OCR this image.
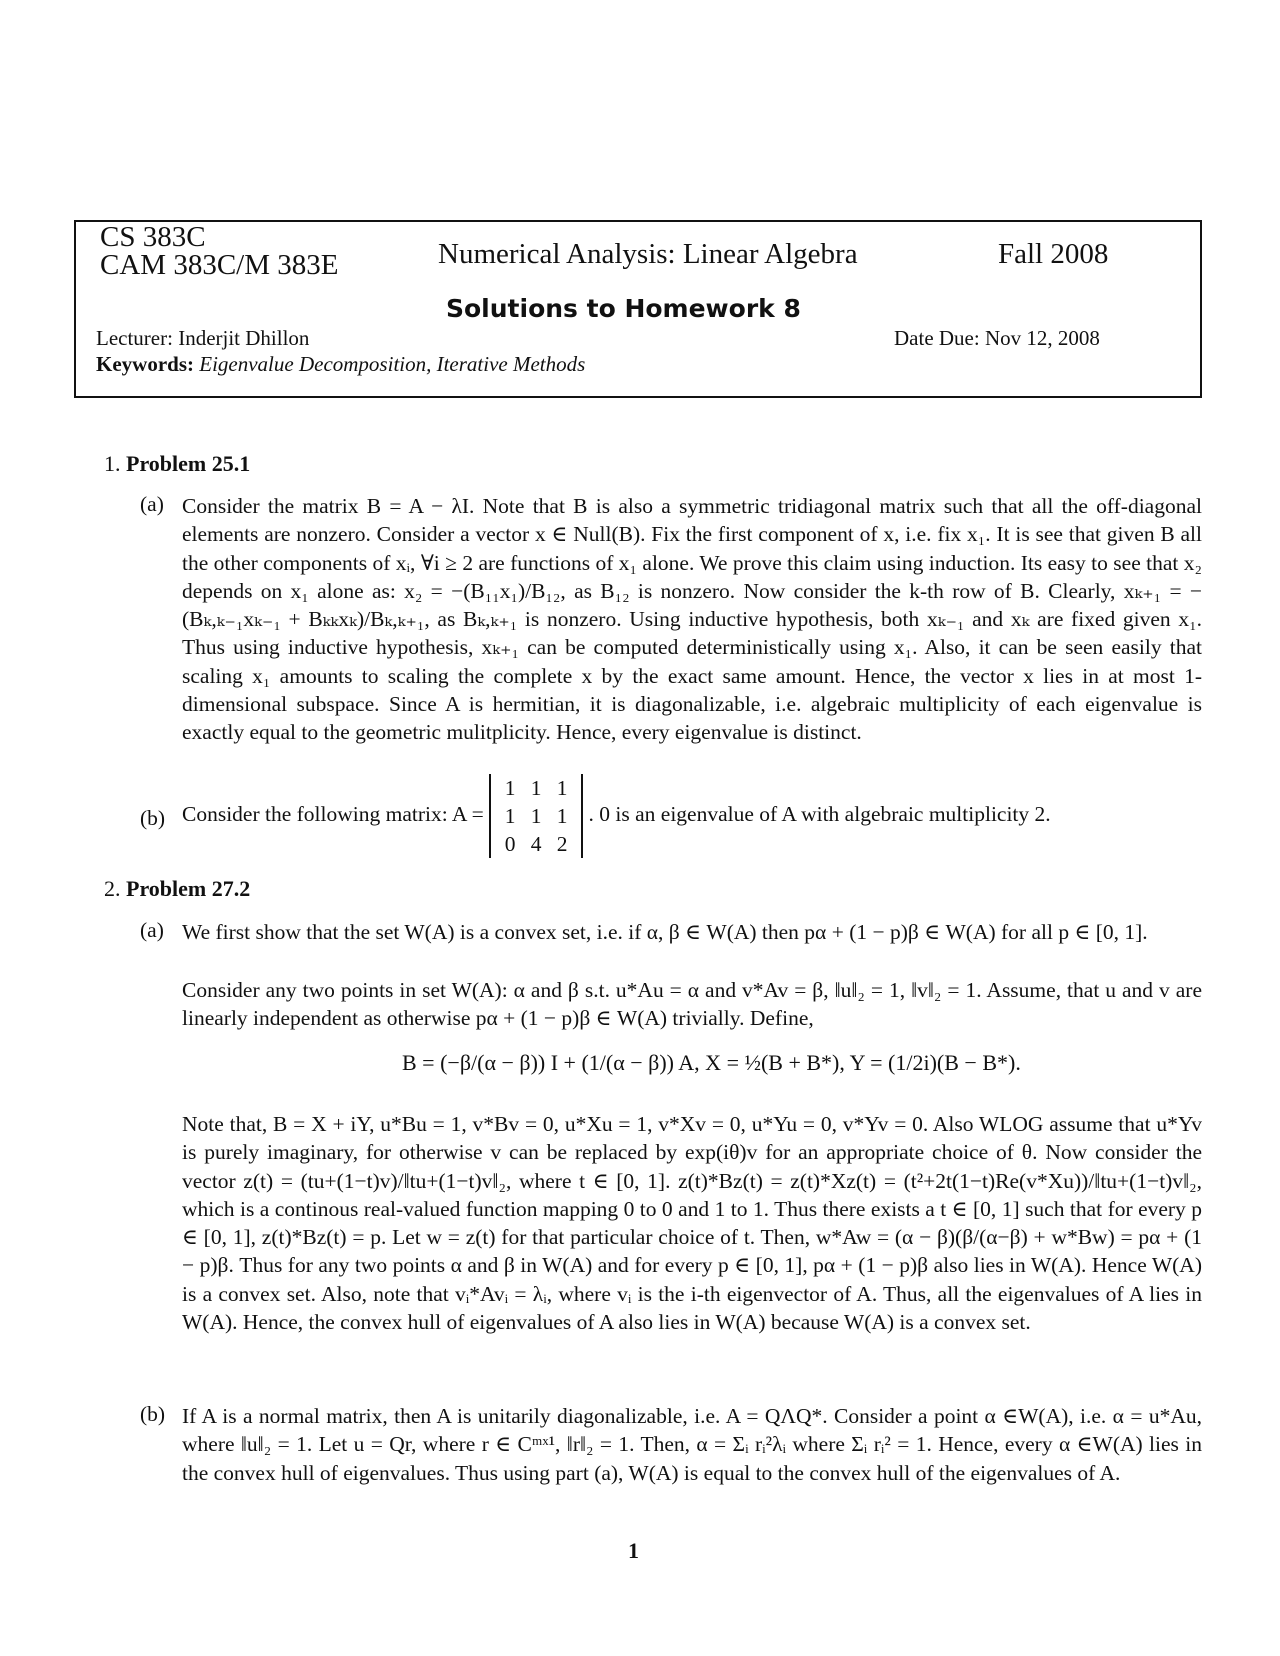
CS 383C
CAM 383C/M 383E	Numerical Analysis: Linear Algebra	Fall 2008
Solutions to Homework 8
Lecturer: Inderjit Dhillon	Date Due: Nov 12, 2008
Keywords: Eigenvalue Decomposition, Iterative Methods
1. Problem 25.1
(a) Consider the matrix B = A − λI. Note that B is also a symmetric tridiagonal matrix such that all the off-diagonal elements are nonzero. Consider a vector x ∈ Null(B). Fix the first component of x, i.e. fix x₁. It is see that given B all the other components of xᵢ, ∀i ≥ 2 are functions of x₁ alone. We prove this claim using induction. Its easy to see that x₂ depends on x₁ alone as: x₂ = −(B₁₁x₁)/B₁₂, as B₁₂ is nonzero. Now consider the k-th row of B. Clearly, xₖ₊₁ = −(Bₖ,ₖ₋₁xₖ₋₁ + Bₖₖxₖ)/Bₖ,ₖ₊₁, as Bₖ,ₖ₊₁ is nonzero. Using inductive hypothesis, both xₖ₋₁ and xₖ are fixed given x₁. Thus using inductive hypothesis, xₖ₊₁ can be computed deterministically using x₁. Also, it can be seen easily that scaling x₁ amounts to scaling the complete x by the exact same amount. Hence, the vector x lies in at most 1-dimensional subspace. Since A is hermitian, it is diagonalizable, i.e. algebraic multiplicity of each eigenvalue is exactly equal to the geometric mulitplicity. Hence, every eigenvalue is distinct.
(b) Consider the following matrix: A = 1 1 1
1 1 1
0 4 2 . 0 is an eigenvalue of A with algebraic multiplicity 2.
2. Problem 27.2
(a) We first show that the set W(A) is a convex set, i.e. if α, β ∈ W(A) then pα + (1 − p)β ∈ W(A) for all p ∈ [0, 1].
Consider any two points in set W(A): α and β s.t. u*Au = α and v*Av = β, ‖u‖₂ = 1, ‖v‖₂ = 1. Assume, that u and v are linearly independent as otherwise pα + (1 − p)β ∈ W(A) trivially. Define,
B = (−β/(α − β)) I + (1/(α − β)) A, X = ½(B + B*), Y = (1/2i)(B − B*).
Note that, B = X + iY, u*Bu = 1, v*Bv = 0, u*Xu = 1, v*Xv = 0, u*Yu = 0, v*Yv = 0. Also WLOG assume that u*Yv is purely imaginary, for otherwise v can be replaced by exp(iθ)v for an appropriate choice of θ. Now consider the vector z(t) = (tu+(1−t)v)/‖tu+(1−t)v‖₂, where t ∈ [0, 1]. z(t)*Bz(t) = z(t)*Xz(t) = (t²+2t(1−t)Re(v*Xu))/‖tu+(1−t)v‖₂, which is a continous real-valued function mapping 0 to 0 and 1 to 1. Thus there exists a t ∈ [0, 1] such that for every p ∈ [0, 1], z(t)*Bz(t) = p. Let w = z(t) for that particular choice of t. Then, w*Aw = (α − β)(β/(α−β) + w*Bw) = pα + (1 − p)β. Thus for any two points α and β in W(A) and for every p ∈ [0, 1], pα + (1 − p)β also lies in W(A). Hence W(A) is a convex set. Also, note that vᵢ*Avᵢ = λᵢ, where vᵢ is the i-th eigenvector of A. Thus, all the eigenvalues of A lies in W(A). Hence, the convex hull of eigenvalues of A also lies in W(A) because W(A) is a convex set.
(b) If A is a normal matrix, then A is unitarily diagonalizable, i.e. A = QΛQ*. Consider a point α ∈W(A), i.e. α = u*Au, where ‖u‖₂ = 1. Let u = Qr, where r ∈ Cᵐˣ¹, ‖r‖₂ = 1. Then, α = Σᵢ rᵢ²λᵢ where Σᵢ rᵢ² = 1. Hence, every α ∈W(A) lies in the convex hull of eigenvalues. Thus using part (a), W(A) is equal to the convex hull of the eigenvalues of A.
1
